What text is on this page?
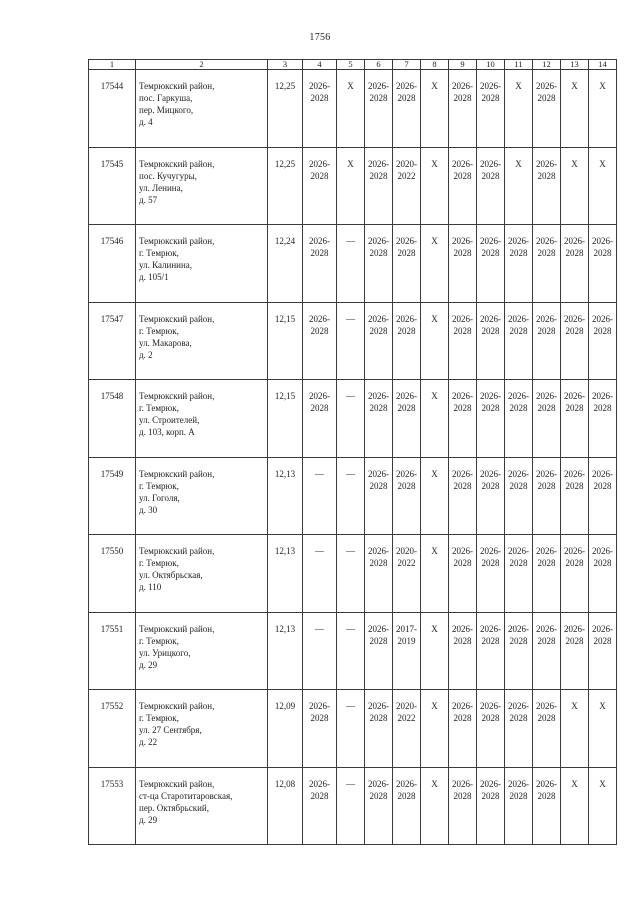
1756
1	2	3	4	5	6	7	8	9	10	11	12	13	14
17544	Темрюкский район,
пос. Гаркуша,
пер. Мицкого,
д. 4	12,25	2026-
2028	X	2026-
2028	2026-
2028	X	2026-
2028	2026-
2028	X	2026-
2028	X	X
17545	Темрюкский район,
пос. Кучугуры,
ул. Ленина,
д. 57	12,25	2026-
2028	X	2026-
2028	2020-
2022	X	2026-
2028	2026-
2028	X	2026-
2028	X	X
17546	Темрюкский район,
г. Темрюк,
ул. Калинина,
д. 105/1	12,24	2026-
2028	—	2026-
2028	2026-
2028	X	2026-
2028	2026-
2028	2026-
2028	2026-
2028	2026-
2028	2026-
2028
17547	Темрюкский район,
г. Темрюк,
ул. Макарова,
д. 2	12,15	2026-
2028	—	2026-
2028	2026-
2028	X	2026-
2028	2026-
2028	2026-
2028	2026-
2028	2026-
2028	2026-
2028
17548	Темрюкский район,
г. Темрюк,
ул. Строителей,
д. 103, корп. А	12,15	2026-
2028	—	2026-
2028	2026-
2028	X	2026-
2028	2026-
2028	2026-
2028	2026-
2028	2026-
2028	2026-
2028
17549	Темрюкский район,
г. Темрюк,
ул. Гоголя,
д. 30	12,13	—	—	2026-
2028	2026-
2028	X	2026-
2028	2026-
2028	2026-
2028	2026-
2028	2026-
2028	2026-
2028
17550	Темрюкский район,
г. Темрюк,
ул. Октябрьская,
д. 110	12,13	—	—	2026-
2028	2020-
2022	X	2026-
2028	2026-
2028	2026-
2028	2026-
2028	2026-
2028	2026-
2028
17551	Темрюкский район,
г. Темрюк,
ул. Урицкого,
д. 29	12,13	—	—	2026-
2028	2017-
2019	X	2026-
2028	2026-
2028	2026-
2028	2026-
2028	2026-
2028	2026-
2028
17552	Темрюкский район,
г. Темрюк,
ул. 27 Сентября,
д. 22	12,09	2026-
2028	—	2026-
2028	2020-
2022	X	2026-
2028	2026-
2028	2026-
2028	2026-
2028	X	X
17553	Темрюкский район,
ст-ца Старотитаровская,
пер. Октябрьский,
д. 29	12,08	2026-
2028	—	2026-
2028	2026-
2028	X	2026-
2028	2026-
2028	2026-
2028	2026-
2028	X	X
